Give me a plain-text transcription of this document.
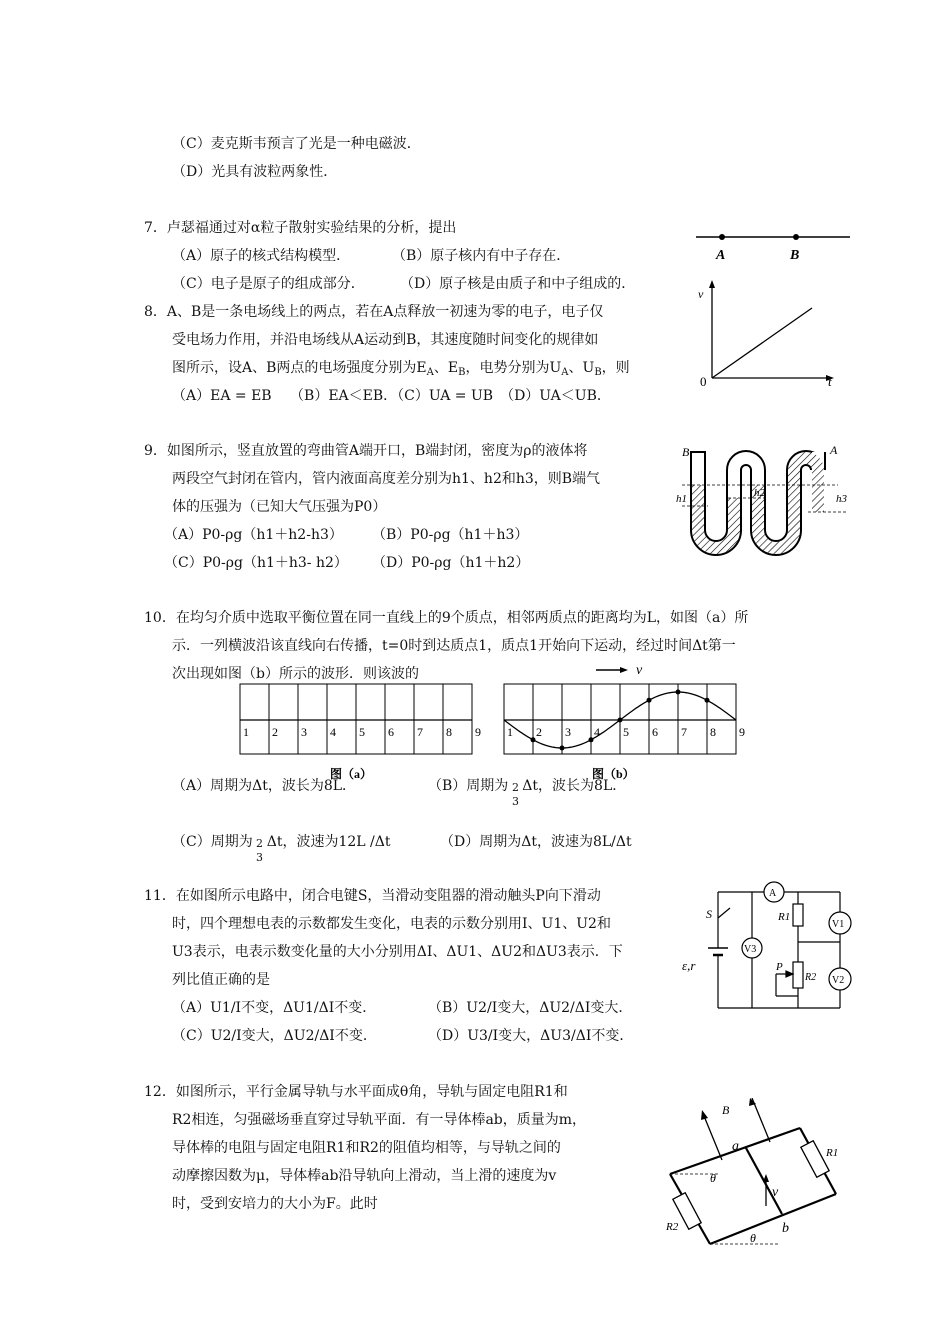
（C）麦克斯韦预言了光是一种电磁波．
（D）光具有波粒两象性．
7．卢瑟福通过对α粒子散射实验结果的分析，提出
（A）原子的核式结构模型．	（B）原子核内有中子存在．
（C）电子是原子的组成部分．	（D）原子核是由质子和中子组成的．
8．A、B是一条电场线上的两点，若在A点释放一初速为零的电子，电子仅
受电场力作用，并沿电场线从A运动到B，其速度随时间变化的规律如
图所示，设A、B两点的电场强度分别为$E_A$、$E_B$，电势分别为$U_A$、$U_B$，则
（A）EA = EB　 （B）EA＜EB．（C）UA = UB　（D）UA＜UB．
A	B
v
t
0
9．如图所示，竖直放置的弯曲管A端开口，B端封闭，密度为ρ的液体将
两段空气封闭在管内，管内液面高度差分别为h1、h2和h3，则B端气
体的压强为（已知大气压强为P0）
（A）P0-ρg（h1＋h2-h3） （B）P0-ρg（h1＋h3）
（C）P0-ρg（h1＋h3- h2） （D）P0-ρg（h1＋h2）
B	A
h1	h2	h3
10．在均匀介质中选取平衡位置在同一直线上的9个质点，相邻两质点的距离均为L，如图（a）所
示．一列横波沿该直线向右传播，t=0时到达质点1，质点1开始向下运动，经过时间Δt第一
次出现如图（b）所示的波形．则该波的
1 2 3 4 5 6 7 8 9
图（a）
v
1 2 3 4 5 6 7 8 9
图（b）
（A）周期为Δt，波长为8L．	（B）周期为 Δt，波长为8L．
2
3
（C）周期为 Δt，波速为12L /Δt
2
3
（D）周期为Δt，波速为8L/Δt
11．在如图所示电路中，闭合电键S，当滑动变阻器的滑动触头P向下滑动
时，四个理想电表的示数都发生变化，电表的示数分别用I、U1、U2和
U3表示，电表示数变化量的大小分别用ΔI、ΔU1、ΔU2和ΔU3表示．下
列比值正确的是
（A）U1/I不变，ΔU1/ΔI不变．	（B）U2/I变大，ΔU2/ΔI变大．
（C）U2/I变大，ΔU2/ΔI不变．	（D）U3/I变大，ΔU3/ΔI不变．
A
V1
V2
V3
S	R1
R2
P
ε,r
12．如图所示，平行金属导轨与水平面成θ角，导轨与固定电阻R1和
R2相连，匀强磁场垂直穿过导轨平面．有一导体棒ab，质量为m，
导体棒的电阻与固定电阻R1和R2的阻值均相等，与导轨之间的
动摩擦因数为μ，导体棒ab沿导轨向上滑动，当上滑的速度为v
时，受到安培力的大小为F。此时
B
a
b
v
R1
R2
θ
θ
